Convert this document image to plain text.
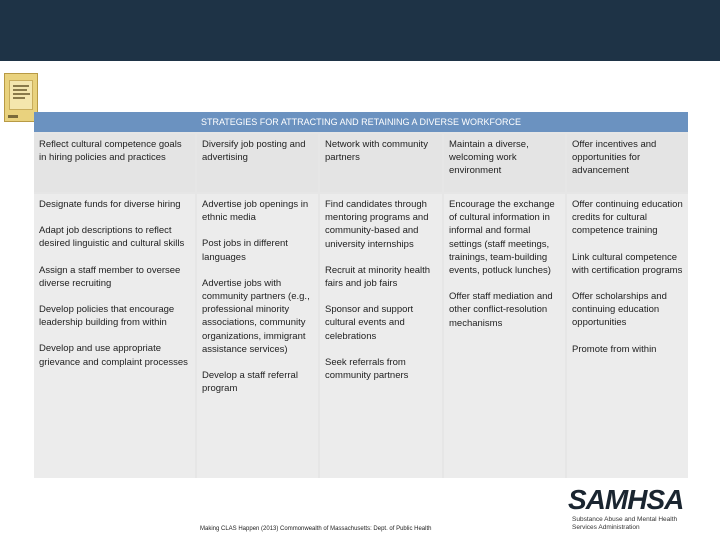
STRATEGIES FOR ATTRACTING AND RETAINING A DIVERSE WORKFORCE
Reflect cultural competence goals in hiring policies and practices
Diversify job posting and advertising
Network with community partners
Maintain a diverse, welcoming work environment
Offer incentives and opportunities for advancement
Designate funds for diverse hiring
Adapt job descriptions to reflect desired linguistic and cultural skills
Assign a staff member to oversee diverse recruiting
Develop policies that encourage leadership building from within
Develop and use appropriate grievance and complaint processes
Advertise job openings in ethnic media
Post jobs in different languages
Advertise jobs with community partners (e.g., professional minority associations, community organizations, immigrant assistance services)
Develop a staff referral program
Find candidates through mentoring programs and community-based and university internships
Recruit at minority health fairs and job fairs
Sponsor and support cultural events and celebrations
Seek referrals from community partners
Encourage the exchange of cultural information in informal and formal settings (staff meetings, trainings, team-building events, potluck lunches)
Offer staff mediation and other conflict-resolution mechanisms
Offer continuing education credits for cultural competence training
Link cultural competence with certification programs
Offer scholarships and continuing education opportunities
Promote from within
Making CLAS Happen (2013) Commonwealth of Massachusetts: Dept. of Public Health
SAMHSA
Substance Abuse and Mental Health Services Administration
